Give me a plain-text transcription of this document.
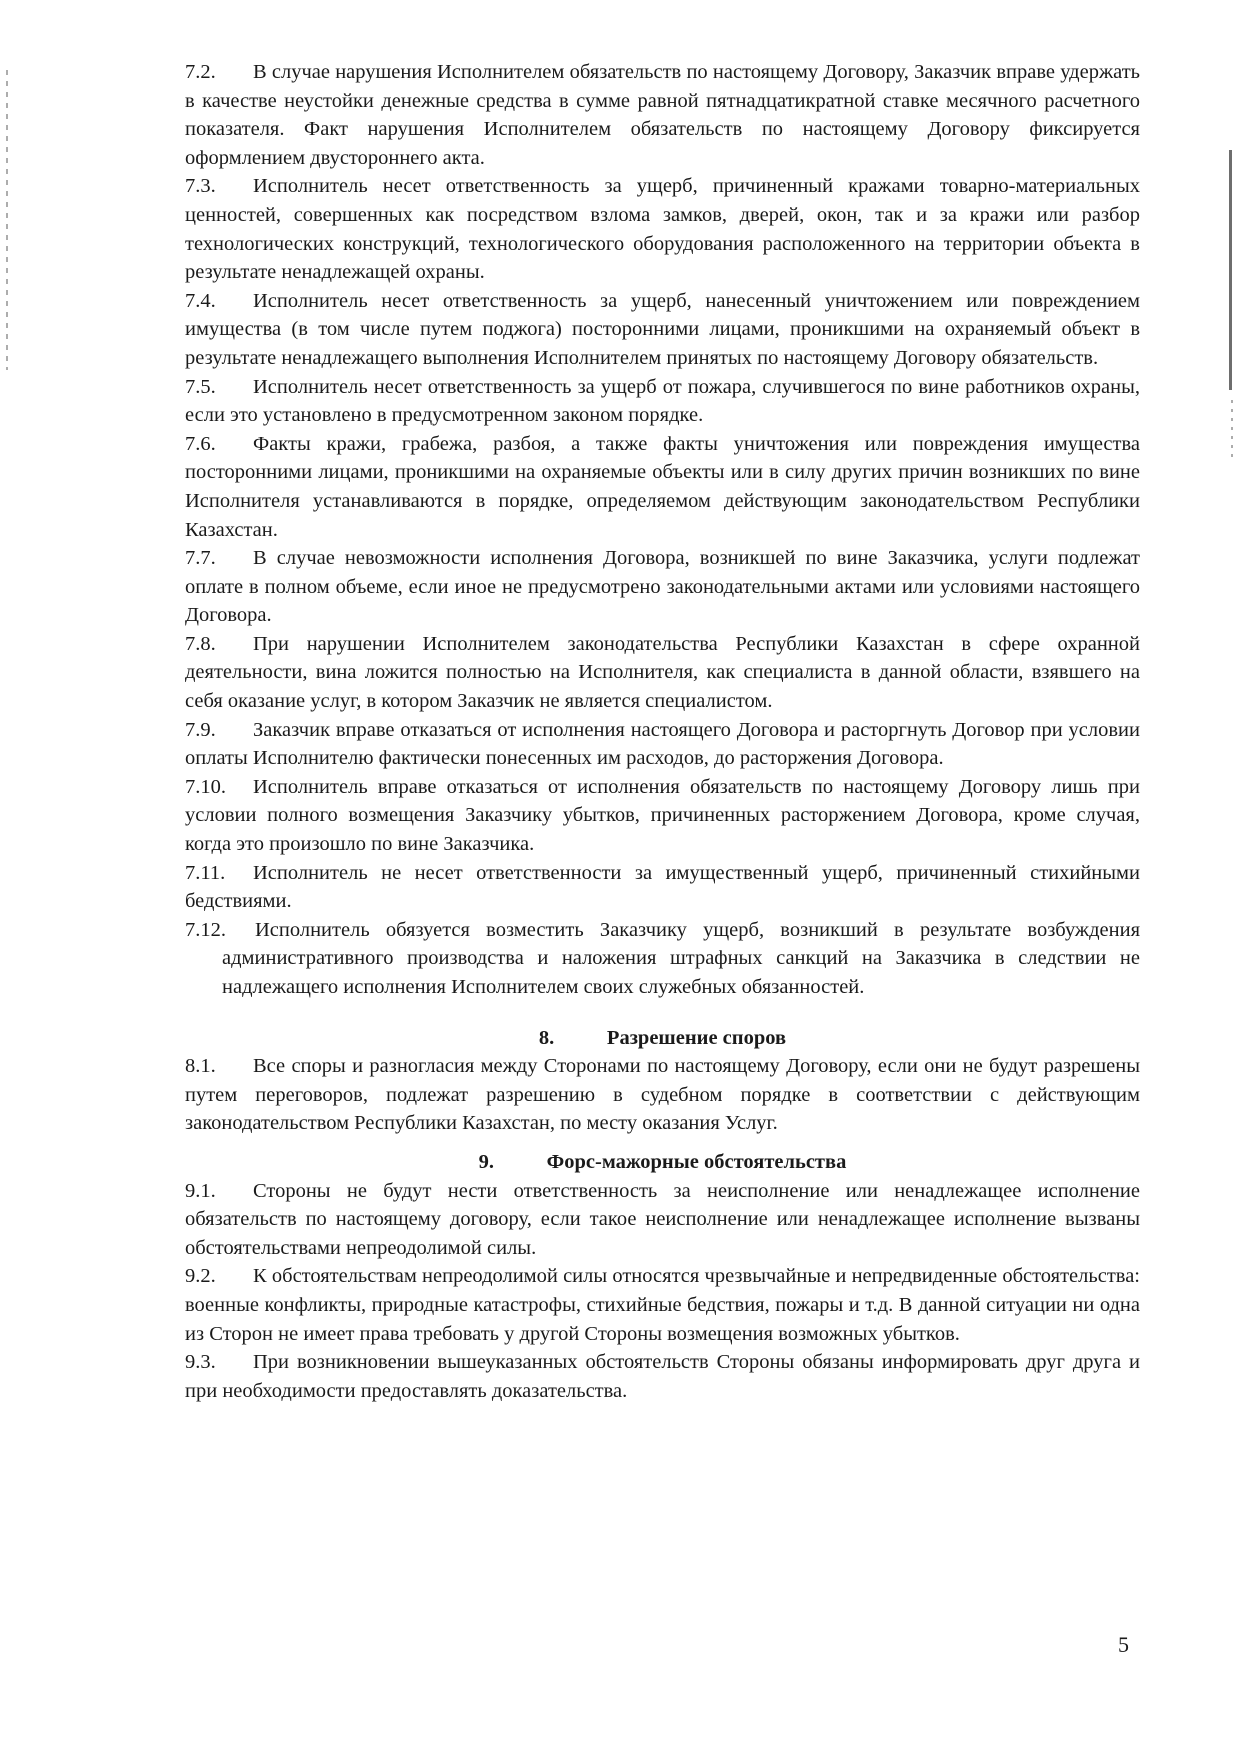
7.2. В случае нарушения Исполнителем обязательств по настоящему Договору, Заказчик вправе удержать в качестве неустойки денежные средства в сумме равной пятнадцатикратной ставке месячного расчетного показателя. Факт нарушения Исполнителем обязательств по настоящему Договору фиксируется оформлением двустороннего акта.

7.3. Исполнитель несет ответственность за ущерб, причиненный кражами товарно-материальных ценностей, совершенных как посредством взлома замков, дверей, окон, так и за кражи или разбор технологических конструкций, технологического оборудования расположенного на территории объекта в результате ненадлежащей охраны.

7.4. Исполнитель несет ответственность за ущерб, нанесенный уничтожением или повреждением имущества (в том числе путем поджога) посторонними лицами, проникшими на охраняемый объект в результате ненадлежащего выполнения Исполнителем принятых по настоящему Договору обязательств.

7.5. Исполнитель несет ответственность за ущерб от пожара, случившегося по вине работников охраны, если это установлено в предусмотренном законом порядке.

7.6. Факты кражи, грабежа, разбоя, а также факты уничтожения или повреждения имущества посторонними лицами, проникшими на охраняемые объекты или в силу других причин возникших по вине Исполнителя устанавливаются в порядке, определяемом действующим законодательством Республики Казахстан.

7.7. В случае невозможности исполнения Договора, возникшей по вине Заказчика, услуги подлежат оплате в полном объеме, если иное не предусмотрено законодательными актами или условиями настоящего Договора.

7.8. При нарушении Исполнителем законодательства Республики Казахстан в сфере охранной деятельности, вина ложится полностью на Исполнителя, как специалиста в данной области, взявшего на себя оказание услуг, в котором Заказчик не является специалистом.

7.9. Заказчик вправе отказаться от исполнения настоящего Договора и расторгнуть Договор при условии оплаты Исполнителю фактически понесенных им расходов, до расторжения Договора.

7.10. Исполнитель вправе отказаться от исполнения обязательств по настоящему Договору лишь при условии полного возмещения Заказчику убытков, причиненных расторжением Договора, кроме случая, когда это произошло по вине Заказчика.

7.11. Исполнитель не несет ответственности за имущественный ущерб, причиненный стихийными бедствиями.

7.12. Исполнитель обязуется возместить Заказчику ущерб, возникший в результате возбуждения административного производства и наложения штрафных санкций на Заказчика в следствии не надлежащего исполнения Исполнителем своих служебных обязанностей.

8.	Разрешение споров

8.1. Все споры и разногласия между Сторонами по настоящему Договору, если они не будут разрешены путем переговоров, подлежат разрешению в судебном порядке в соответствии с действующим законодательством Республики Казахстан, по месту оказания Услуг.

9.	Форс-мажорные обстоятельства

9.1. Стороны не будут нести ответственность за неисполнение или ненадлежащее исполнение обязательств по настоящему договору, если такое неисполнение или ненадлежащее исполнение вызваны обстоятельствами непреодолимой силы.

9.2. К обстоятельствам непреодолимой силы относятся чрезвычайные и непредвиденные обстоятельства: военные конфликты, природные катастрофы, стихийные бедствия, пожары и т.д. В данной ситуации ни одна из Сторон не имеет права требовать у другой Стороны возмещения возможных убытков.

9.3. При возникновении вышеуказанных обстоятельств Стороны обязаны информировать друг друга и при необходимости предоставлять доказательства.

5
